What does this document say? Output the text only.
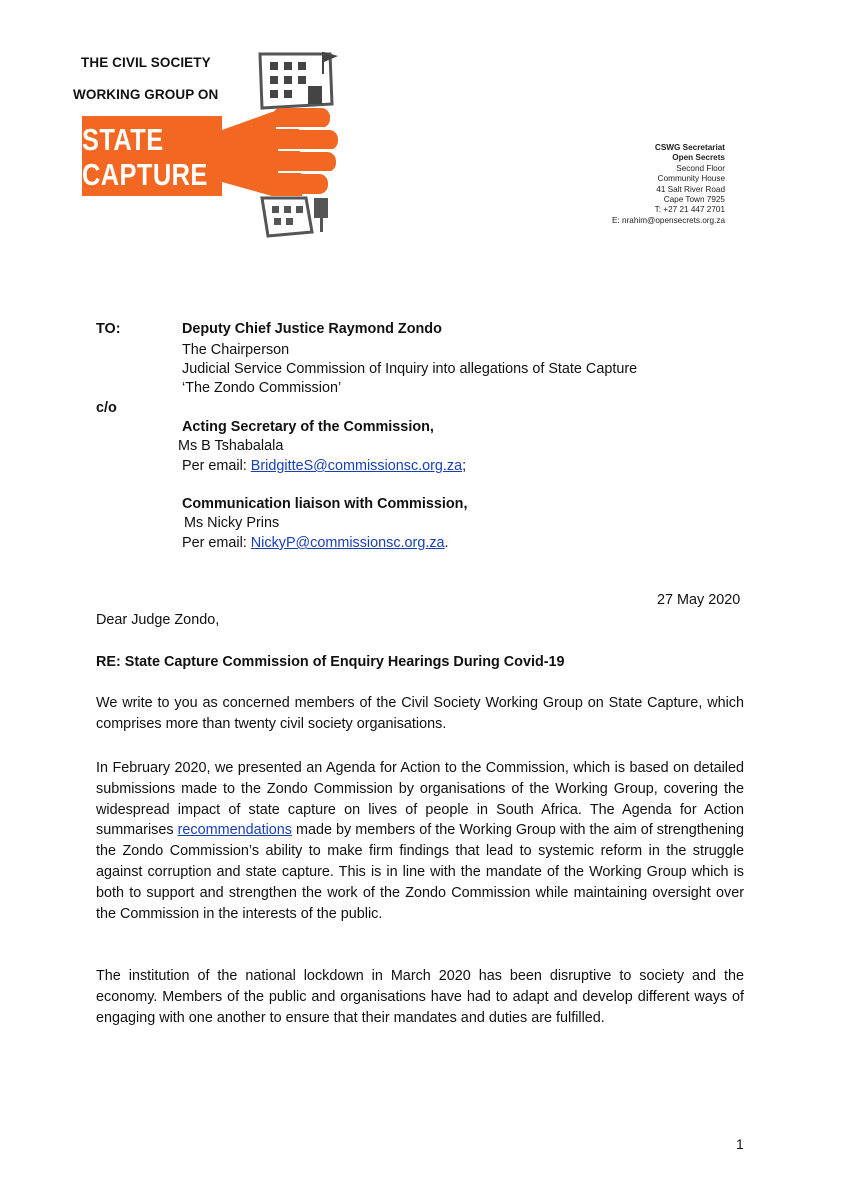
THE CIVIL SOCIETY
WORKING GROUP ON
STATE
CAPTURE
CSWG Secretariat
Open Secrets
Second Floor
Community House
41 Salt River Road
Cape Town 7925
T: +27 21 447 2701
E: nrahim@opensecrets.org.za
TO:	Deputy Chief Justice Raymond Zondo
The Chairperson
Judicial Service Commission of Inquiry into allegations of State Capture
‘The Zondo Commission’
c/o
Acting Secretary of the Commission,
Ms B Tshabalala
Per email: BridgitteS@commissionsc.org.za;
Communication liaison with Commission,
Ms Nicky Prins
Per email: NickyP@commissionsc.org.za.
27 May 2020
Dear Judge Zondo,
RE: State Capture Commission of Enquiry Hearings During Covid-19
We write to you as concerned members of the Civil Society Working Group on State Capture, which comprises more than twenty civil society organisations.
In February 2020, we presented an Agenda for Action to the Commission, which is based on detailed submissions made to the Zondo Commission by organisations of the Working Group, covering the widespread impact of state capture on lives of people in South Africa. The Agenda for Action summarises recommendations made by members of the Working Group with the aim of strengthening the Zondo Commission’s ability to make firm findings that lead to systemic reform in the struggle against corruption and state capture. This is in line with the mandate of the Working Group which is both to support and strengthen the work of the Zondo Commission while maintaining oversight over the Commission in the interests of the public.
The institution of the national lockdown in March 2020 has been disruptive to society and the economy. Members of the public and organisations have had to adapt and develop different ways of engaging with one another to ensure that their mandates and duties are fulfilled.
1
